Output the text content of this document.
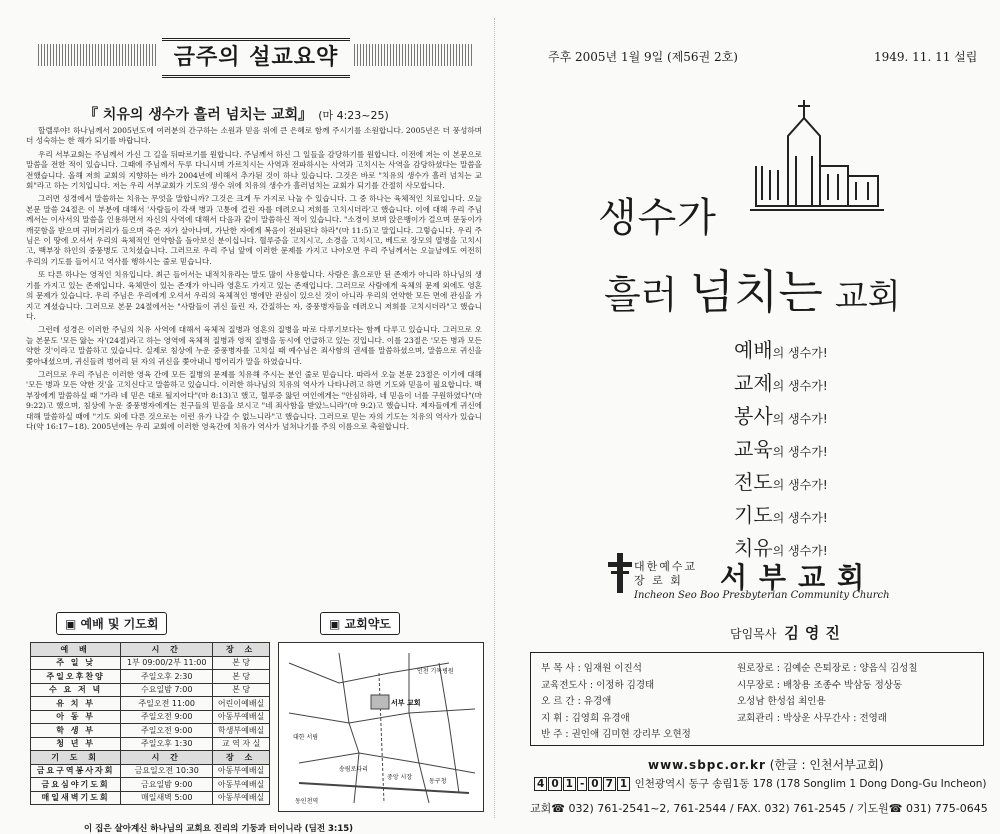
금주의 설교요약
『 치유의 생수가 흘러 넘치는 교회』 (마 4:23~25)

할렐루야! 하나님께서 2005년도에 여러분의 간구하는 소원과 믿음 위에 큰 은혜로 함께 주시기를 소원합니다. 2005년은 더 풍성하며 더 성숙하는 한 해가 되기를 바랍니다.

우리 서부교회는 주님께서 가신 그 길을 뒤따르기를 원합니다. 주님께서 하신 그 일들을 감당하기를 원합니다. 이전에 저는 이 본문으로 말씀을 전한 적이 있습니다. 그때에 주님께서 두루 다니시며 가르치시는 사역과 전파하시는 사역과 고치시는 사역을 감당하셨다는 말씀을 전했습니다. 올해 저희 교회의 지향하는 바가 2004년에 비해서 추가된 것이 하나 있습니다. 그것은 바로 "치유의 생수가 흘러 넘치는 교회"라고 하는 기치입니다. 저는 우리 서부교회가 기도의 생수 위에 치유의 생수가 흘러넘치는 교회가 되기를 간절히 사모합니다.

그러면 성경에서 말씀하는 치유는 무엇을 말합니까? 그것은 크게 두 가지로 나눌 수 있습니다. 그 중 하나는 육체적인 치료입니다. 오늘 본문 말씀 24절은 이 부분에 대해서 '사람들이 각색 병과 고통에 걸린 자를 데려오니 저희를 고치시더라'고 했습니다. 이에 대해 우리 주님께서는 이사서의 말씀을 인용하면서 자신의 사역에 대해서 다음과 같이 말씀하신 적이 있습니다. "소경이 보며 앉은뱅이가 걸으며 문둥이가 깨끗함을 받으며 귀머거리가 들으며 죽은 자가 살아나며, 가난한 자에게 복음이 전파된다 하라"(마 11:5)고 말입니다. 그렇습니다. 우리 주님은 이 땅에 오셔서 우리의 육체적인 연약함을 돌아보신 분이십니다. 혈루증을 고치시고, 소경을 고치시고, 베드로 장모의 열병을 고치시고, 백부장 하인의 중풍병도 고치셨습니다. 그러므로 우리 주님 앞에 이러한 문제를 가지고 나아오면 우리 주님께서는 오늘날에도 여전히 우리의 기도를 들어시고 역사를 행하시는 줄로 믿습니다.

또 다른 하나는 영적인 치유입니다. 최근 들어서는 내적치유라는 말도 많이 사용합니다. 사람은 흙으로만 된 존재가 아니라 하나님의 생기를 가지고 있는 존재입니다. 육체만이 있는 존재가 아니라 영혼도 가지고 있는 존재입니다. 그러므로 사람에게 육체의 문제 외에도 영혼의 문제가 있습니다. 우리 주님은 우리에게 오셔서 우리의 육체적인 병에만 관심이 있으신 것이 아니라 우리의 연약한 모든 면에 관심을 가지고 계셨습니다. 그러므로 본문 24절에서는 "사람들이 귀신 들린 자, 간질하는 자, 중풍병자들을 데려오니 저희를 고치시더라"고 했습니다.

그런데 성경은 이러한 주님의 치유 사역에 대해서 육체적 질병과 영혼의 질병을 따로 다루기보다는 함께 다루고 있습니다. 그러므로 오늘 본문도 '모든 앓는 자'(24절)라고 하는 영역에 육체적 질병과 영적 질병을 동시에 언급하고 있는 것입니다. 이를 23절은 '모든 병과 모든 약한 것'이라고 말씀하고 있습니다. 실제로 침상에 누운 중풍병자를 고치실 때 예수님은 죄사함의 권세를 말씀하셨으며, 말씀으로 귀신을 쫓아내셨으며, 귀신들려 벙어리 된 자의 귀신을 쫓아내니 벙어리가 말을 하였습니다.

그러므로 우리 주님은 이러한 영육 간에 모든 질병의 문제를 치유해 주시는 분인 줄로 믿습니다. 따라서 오늘 본문 23절은 이기에 대해 '모든 병과 모든 약한 것'을 고치신다고 말씀하고 있습니다. 이러한 하나님의 치유의 역사가 나타나려고 하면 기도와 믿음이 필요합니다. 백부장에게 말씀하실 때 "가라 네 믿은 대로 될지어다"(마 8:13)고 했고, 혈루증 앓던 여인에게는 "안심하라, 네 믿음이 너를 구원하였다"(마 9:22)고 했으며, 침상에 누운 중풍병자에게는 친구들의 믿음을 보시고 "네 죄사함을 받았느니라"(마 9:2)고 했습니다. 제자들에게 귀신에 대해 말씀하실 때에 "기도 외에 다른 것으로는 이런 유가 나갈 수 없느니라"고 했습니다. 그러므로 믿는 자의 기도는 치유의 역사가 있습니다(약 16:17~18). 2005년에는 우리 교회에 이러한 영육간에 치유가 역사가 넘쳐나기를 주의 이름으로 축원합니다.

▣ 예배 및 기도회	▣ 교회약도
예 배	시 간	장 소
주 일 낮	1부 09:00/2부 11:00	본 당
주일오후찬양	주일오후 2:30	본 당
수 요 저 녁	수요일밤 7:00	본 당
유 치 부	주일오전 11:00	어린이예배실
아 동 부	주일오전 9:00	아동부예배실
학 생 부	주일오전 9:00	학생부예배실
청 년 부	주일오후 1:30	교 역 자 실
기 도 회	시 간	장 소
금요구역봉사자회	금요일오전 10:30	아동부예배실
금요심야기도회	금요일밤 9:00	아동부예배실
매일새벽기도회	매일새벽 5:00	아동부예배실
서부 교회
인천 기독병원
대한 서림
동인천역
송림로타리
중앙 시장
동구청
이 집은 살아계신 하나님의 교회요 진리의 기둥과 터이니라 (딤전 3:15)
주후 2005년 1월 9일 (제56권 2호)	1949. 11. 11 설립
생수가
흘러 넘치는 교회
예배의 생수가!
교제의 생수가!
봉사의 생수가!
교육의 생수가!
전도의 생수가!
기도의 생수가!
치유의 생수가!
대한예수교
장 로 회	서부교회
Incheon Seo Boo Presbyterian Community Church
담임목사 김영진
부 목 사 : 임재원 이진석
교육전도사 : 이정하 김경태
오 르 간 : 유경애
지 휘 : 김영희 유경애
반 주 : 권인애 김미현 강리부 오현정
원로장로 : 김예순 은퇴장로 : 양음식 김성칠
시무장로 : 배창용 조종수 박삼동 정상동
오성남 한성섭 최인용
교회관리 : 박상운 사무간사 : 전영래
www.sbpc.or.kr (한글 : 인천서부교회)
4 0 1 - 0 7 1 인천광역시 동구 송림1동 178 (178 Songlim 1 Dong Dong-Gu Incheon)
교회☎ 032) 761-2541~2, 761-2544 / FAX. 032) 761-2545 / 기도원☎ 031) 775-0645
